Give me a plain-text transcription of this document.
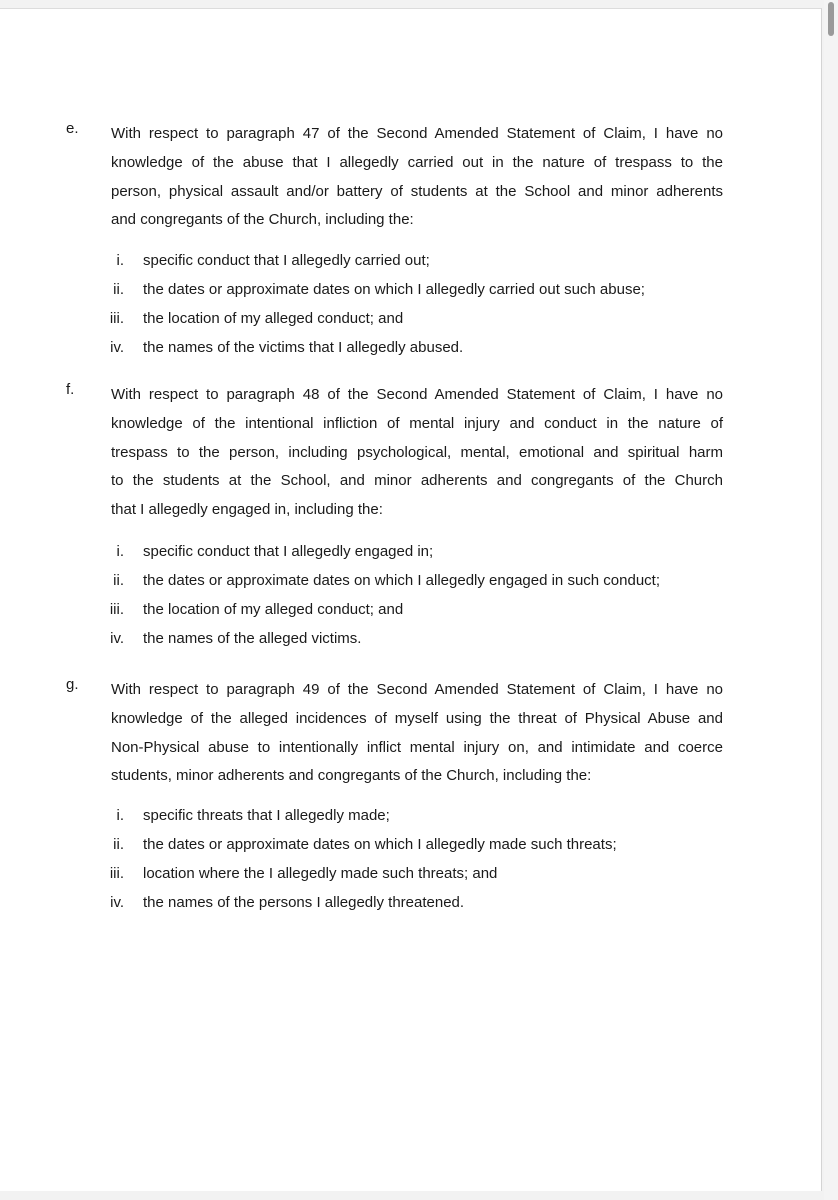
e. With respect to paragraph 47 of the Second Amended Statement of Claim, I have no
knowledge of the abuse that I allegedly carried out in the nature of trespass to the
person, physical assault and/or battery of students at the School and minor adherents
and congregants of the Church, including the:
i. specific conduct that I allegedly carried out;
ii. the dates or approximate dates on which I allegedly carried out such abuse;
iii. the location of my alleged conduct; and
iv. the names of the victims that I allegedly abused.
f. With respect to paragraph 48 of the Second Amended Statement of Claim, I have no
knowledge of the intentional infliction of mental injury and conduct in the nature of
trespass to the person, including psychological, mental, emotional and spiritual harm
to the students at the School, and minor adherents and congregants of the Church
that I allegedly engaged in, including the:
i. specific conduct that I allegedly engaged in;
ii. the dates or approximate dates on which I allegedly engaged in such conduct;
iii. the location of my alleged conduct; and
iv. the names of the alleged victims.
g. With respect to paragraph 49 of the Second Amended Statement of Claim, I have no
knowledge of the alleged incidences of myself using the threat of Physical Abuse and
Non-Physical abuse to intentionally inflict mental injury on, and intimidate and coerce
students, minor adherents and congregants of the Church, including the:
i. specific threats that I allegedly made;
ii. the dates or approximate dates on which I allegedly made such threats;
iii. location where the I allegedly made such threats; and
iv. the names of the persons I allegedly threatened.
